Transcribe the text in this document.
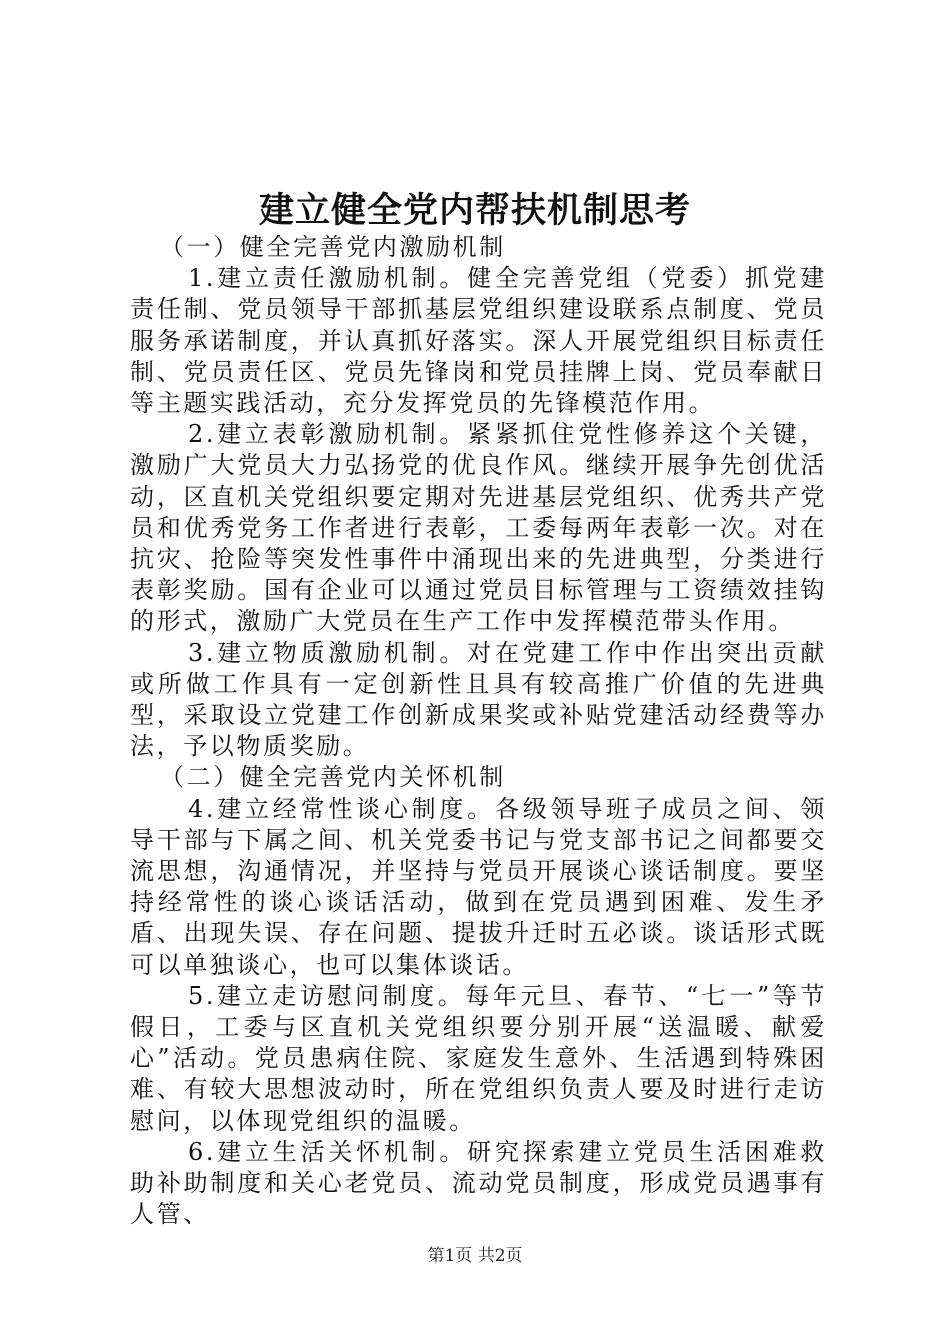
建立健全党内帮扶机制思考

（一）健全完善党内激励机制

1.建立责任激励机制。健全完善党组（党委）抓党建责任制、党员领导干部抓基层党组织建设联系点制度、党员服务承诺制度，并认真抓好落实。深人开展党组织目标责任制、党员责任区、党员先锋岗和党员挂牌上岗、党员奉献日等主题实践活动，充分发挥党员的先锋模范作用。

2.建立表彰激励机制。紧紧抓住党性修养这个关键，激励广大党员大力弘扬党的优良作风。继续开展争先创优活动，区直机关党组织要定期对先进基层党组织、优秀共产党员和优秀党务工作者进行表彰，工委每两年表彰一次。对在抗灾、抢险等突发性事件中涌现出来的先进典型，分类进行表彰奖励。国有企业可以通过党员目标管理与工资绩效挂钩的形式，激励广大党员在生产工作中发挥模范带头作用。

3.建立物质激励机制。对在党建工作中作出突出贡献或所做工作具有一定创新性且具有较高推广价值的先进典型，采取设立党建工作创新成果奖或补贴党建活动经费等办法，予以物质奖励。

（二）健全完善党内关怀机制

4.建立经常性谈心制度。各级领导班子成员之间、领导干部与下属之间、机关党委书记与党支部书记之间都要交流思想，沟通情况，并坚持与党员开展谈心谈话制度。要坚持经常性的谈心谈话活动，做到在党员遇到困难、发生矛盾、出现失误、存在问题、提拔升迁时五必谈。谈话形式既可以单独谈心，也可以集体谈话。

5.建立走访慰问制度。每年元旦、春节、“七一”等节假日，工委与区直机关党组织要分别开展“送温暖、献爱心”活动。党员患病住院、家庭发生意外、生活遇到特殊困难、有较大思想波动时，所在党组织负责人要及时进行走访慰问，以体现党组织的温暖。

6.建立生活关怀机制。研究探索建立党员生活困难救助补助制度和关心老党员、流动党员制度，形成党员遇事有人管、

第1页 共2页
